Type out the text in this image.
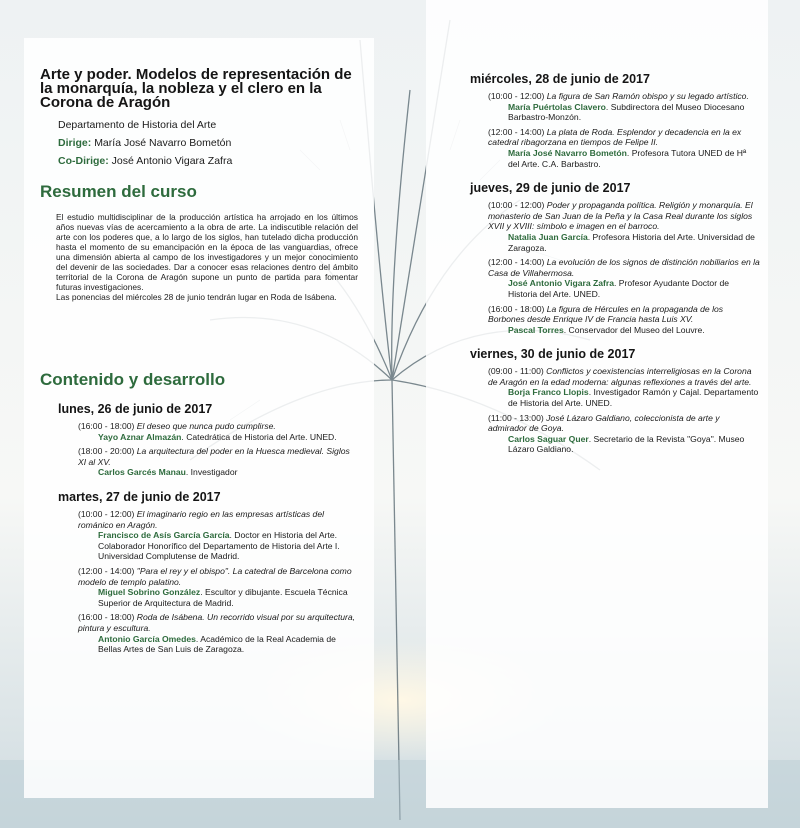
Arte y poder. Modelos de representación de la monarquía, la nobleza y el clero en la Corona de Aragón
Departamento de Historia del Arte
Dirige: María José Navarro Bometón
Co-Dirige: José Antonio Vigara Zafra
Resumen del curso

El estudio multidisciplinar de la producción artística ha arrojado en los últimos años nuevas vías de acercamiento a la obra de arte. La indiscutible relación del arte con los poderes que, a lo largo de los siglos, han tutelado dicha producción hasta el momento de su emancipación en la época de las vanguardias, ofrece una dimensión abierta al campo de los investigadores y un mejor conocimiento del devenir de las sociedades. Dar a conocer esas relaciones dentro del ámbito territorial de la Corona de Aragón supone un punto de partida para fomentar futuras investigaciones.

Las ponencias del miércoles 28 de junio tendrán lugar en Roda de Isábena.

Contenido y desarrollo
lunes, 26 de junio de 2017
(16:00 - 18:00) El deseo que nunca pudo cumplirse.
Yayo Aznar Almazán. Catedrática de Historia del Arte. UNED.
(18:00 - 20:00) La arquitectura del poder en la Huesca medieval. Siglos XI al XV.
Carlos Garcés Manau. Investigador
martes, 27 de junio de 2017
(10:00 - 12:00) El imaginario regio en las empresas artísticas del románico en Aragón.
Francisco de Asís García García. Doctor en Historia del Arte. Colaborador Honorífico del Departamento de Historia del Arte I. Universidad Complutense de Madrid.
(12:00 - 14:00) "Para el rey y el obispo". La catedral de Barcelona como modelo de templo palatino.
Miguel Sobrino González. Escultor y dibujante. Escuela Técnica Superior de Arquitectura de Madrid.
(16:00 - 18:00) Roda de Isábena. Un recorrido visual por su arquitectura, pintura y escultura.
Antonio García Omedes. Académico de la Real Academia de Bellas Artes de San Luis de Zaragoza.
miércoles, 28 de junio de 2017
(10:00 - 12:00) La figura de San Ramón obispo y su legado artístico.
María Puértolas Clavero. Subdirectora del Museo Diocesano Barbastro-Monzón.
(12:00 - 14:00) La plata de Roda. Esplendor y decadencia en la ex catedral ribagorzana en tiempos de Felipe II.
María José Navarro Bometón. Profesora Tutora UNED de Hª del Arte. C.A. Barbastro.
jueves, 29 de junio de 2017
(10:00 - 12:00) Poder y propaganda política. Religión y monarquía. El monasterio de San Juan de la Peña y la Casa Real durante los siglos XVII y XVIII: símbolo e imagen en el barroco.
Natalia Juan García. Profesora Historia del Arte. Universidad de Zaragoza.
(12:00 - 14:00) La evolución de los signos de distinción nobiliarios en la Casa de Villahermosa.
José Antonio Vigara Zafra. Profesor Ayudante Doctor de Historia del Arte. UNED.
(16:00 - 18:00) La figura de Hércules en la propaganda de los Borbones desde Enrique IV de Francia hasta Luis XV.
Pascal Torres. Conservador del Museo del Louvre.
viernes, 30 de junio de 2017
(09:00 - 11:00) Conflictos y coexistencias interreligiosas en la Corona de Aragón en la edad moderna: algunas reflexiones a través del arte.
Borja Franco Llopis. Investigador Ramón y Cajal. Departamento de Historia del Arte. UNED.
(11:00 - 13:00) José Lázaro Galdiano, coleccionista de arte y admirador de Goya.
Carlos Saguar Quer. Secretario de la Revista "Goya". Museo Lázaro Galdiano.
